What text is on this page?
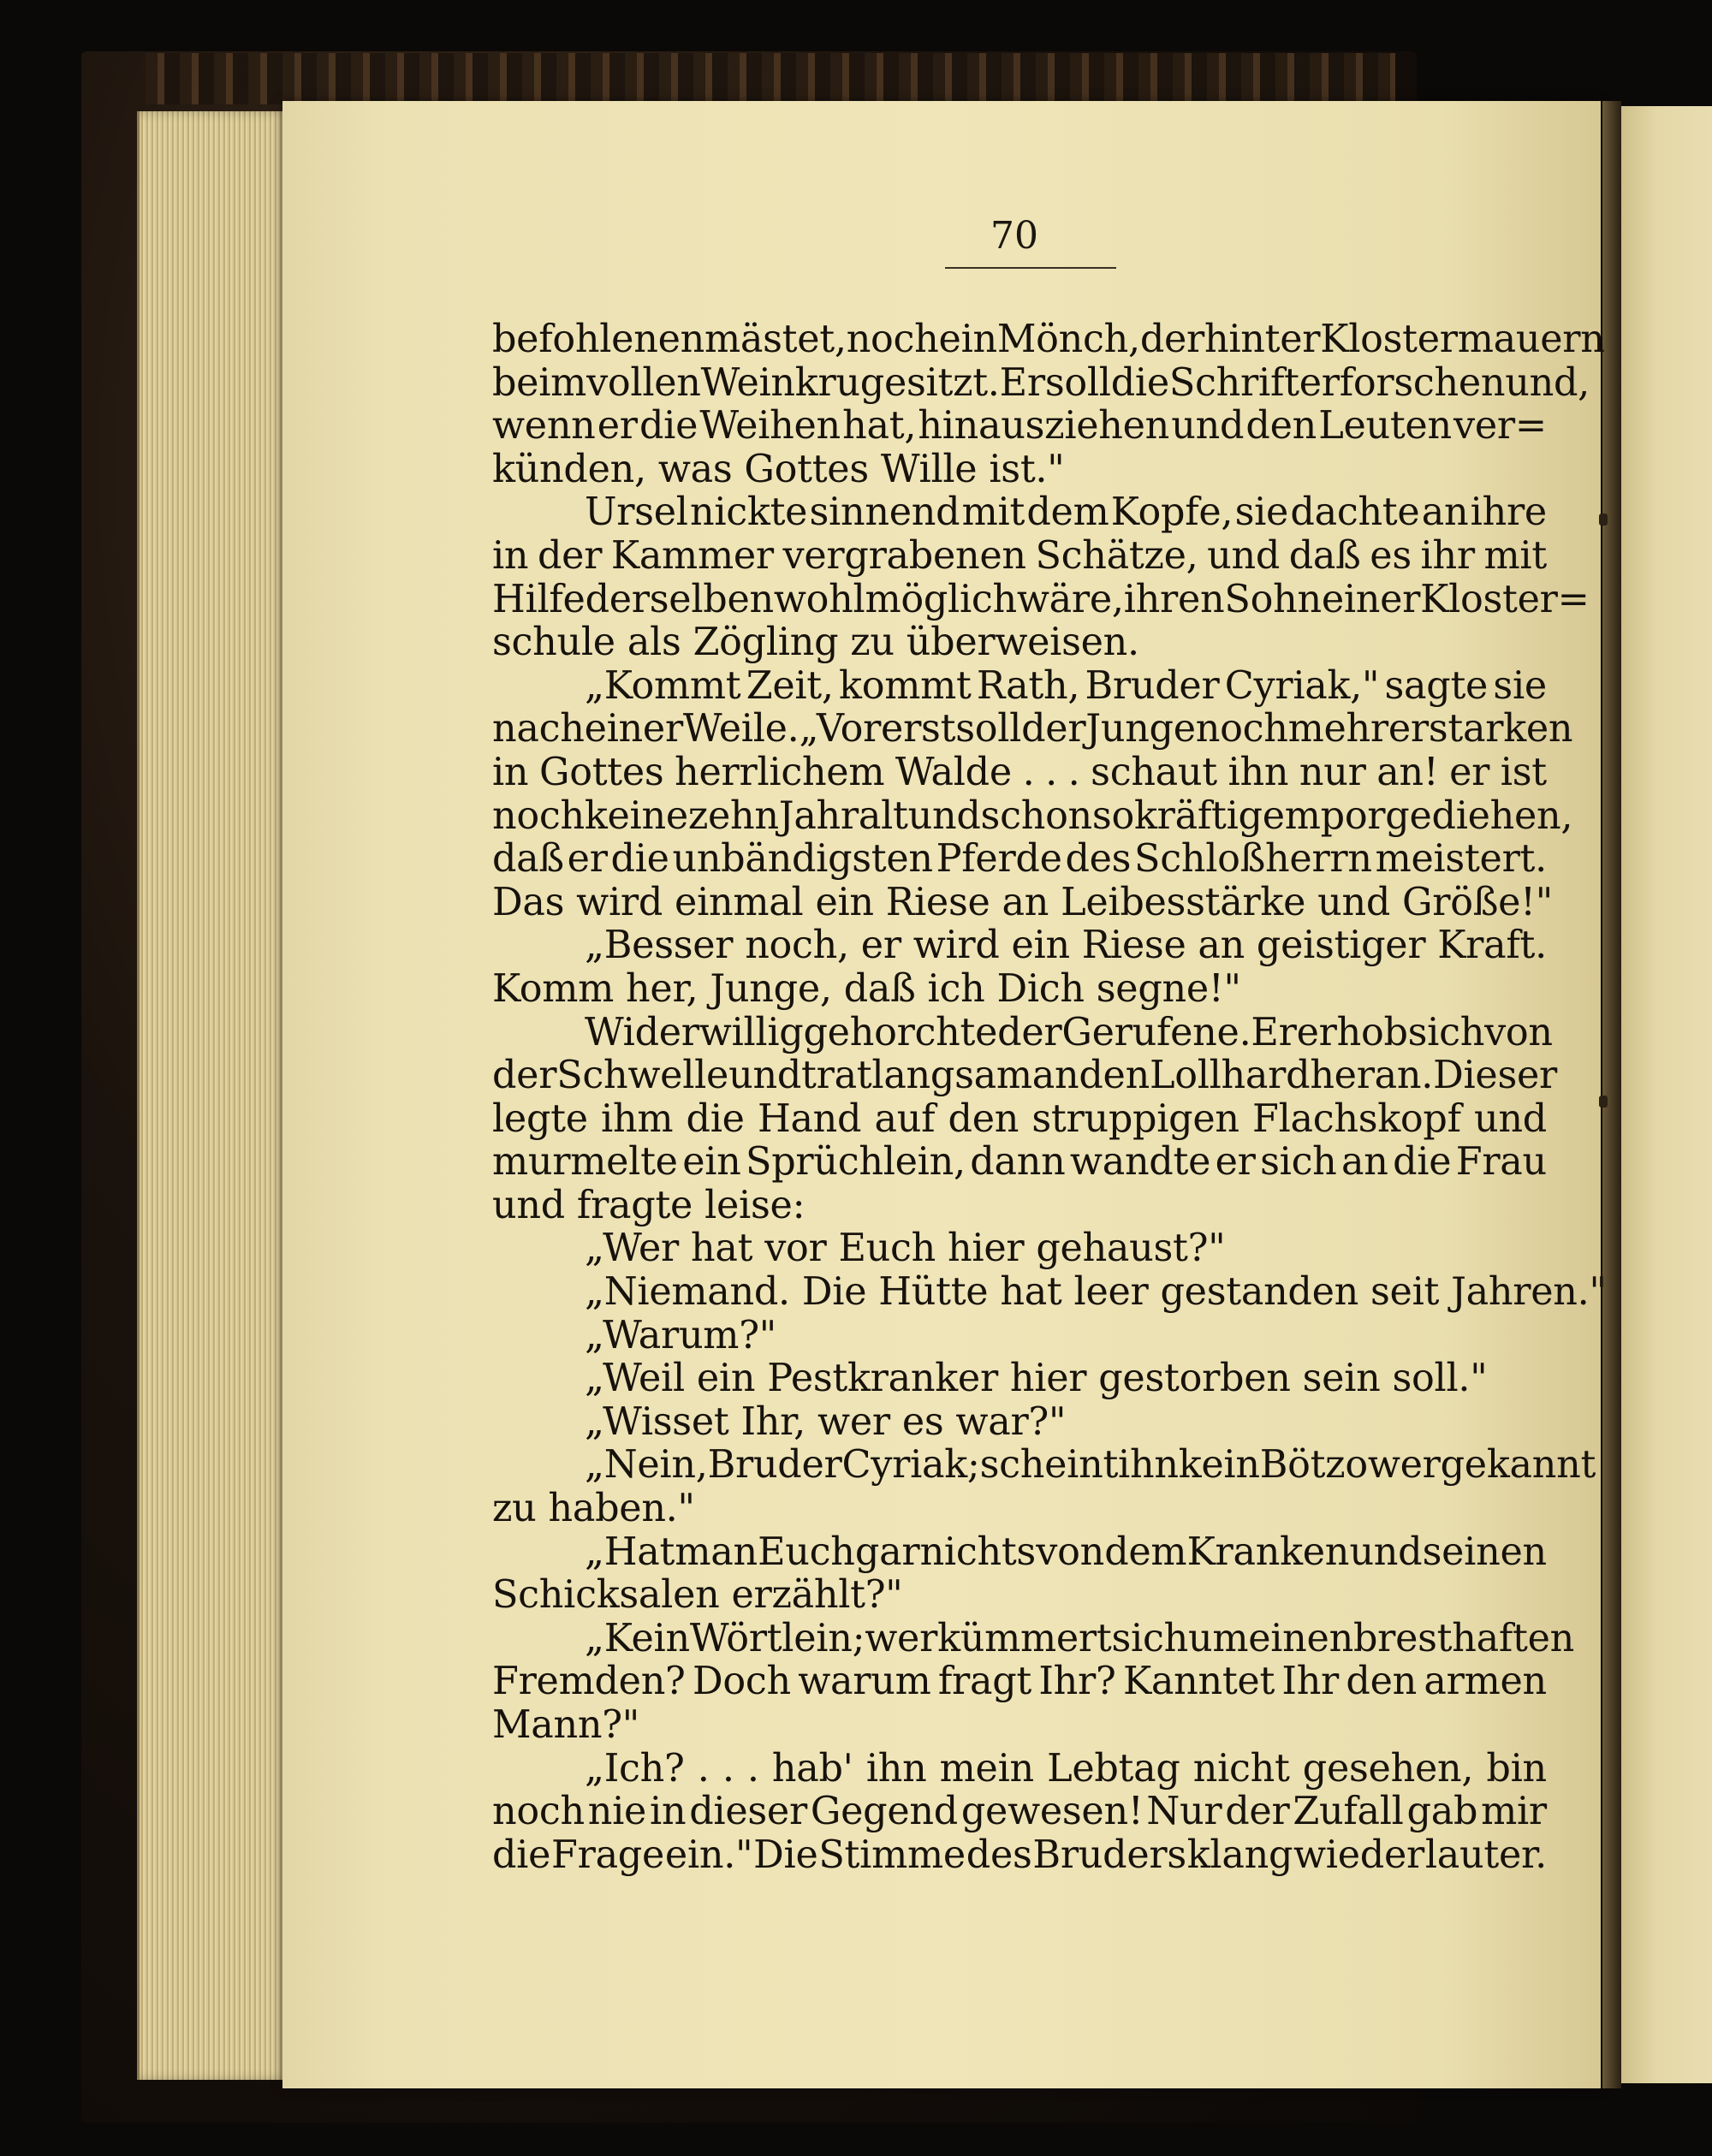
70
befohlenen mästet, noch ein Mönch, der hinter Klostermauern
beim vollen Weinkruge sitzt. Er soll die Schrift erforschen und,
wenn er die Weihen hat, hinausziehen und den Leuten ver=
künden, was Gottes Wille ist."
Ursel nickte sinnend mit dem Kopfe, sie dachte an ihre
in der Kammer vergrabenen Schätze, und daß es ihr mit
Hilfe derselben wohl möglich wäre, ihren Sohn einer Kloster=
schule als Zögling zu überweisen.
„Kommt Zeit, kommt Rath, Bruder Cyriak," sagte sie
nach einer Weile. „Vorerst soll der Junge noch mehr erstarken
in Gottes herrlichem Walde . . . schaut ihn nur an! er ist
noch keine zehn Jahr alt und schon so kräftig emporgediehen,
daß er die unbändigsten Pferde des Schloßherrn meistert.
Das wird einmal ein Riese an Leibesstärke und Größe!"
„Besser noch, er wird ein Riese an geistiger Kraft.
Komm her, Junge, daß ich Dich segne!"
Widerwillig gehorchte der Gerufene. Er erhob sich von
der Schwelle und trat langsam an den Lollhard heran. Dieser
legte ihm die Hand auf den struppigen Flachskopf und
murmelte ein Sprüchlein, dann wandte er sich an die Frau
und fragte leise:
„Wer hat vor Euch hier gehaust?"
„Niemand. Die Hütte hat leer gestanden seit Jahren."
„Warum?"
„Weil ein Pestkranker hier gestorben sein soll."
„Wisset Ihr, wer es war?"
„Nein, Bruder Cyriak; scheint ihn kein Bötzower gekannt
zu haben."
„Hat man Euch gar nichts von dem Kranken und seinen
Schicksalen erzählt?"
„Kein Wörtlein; wer kümmert sich um einen bresthaften
Fremden? Doch warum fragt Ihr? Kanntet Ihr den armen
Mann?"
„Ich? . . . hab' ihn mein Lebtag nicht gesehen, bin
noch nie in dieser Gegend gewesen! Nur der Zufall gab mir
die Frage ein." Die Stimme des Bruders klang wieder lauter.
